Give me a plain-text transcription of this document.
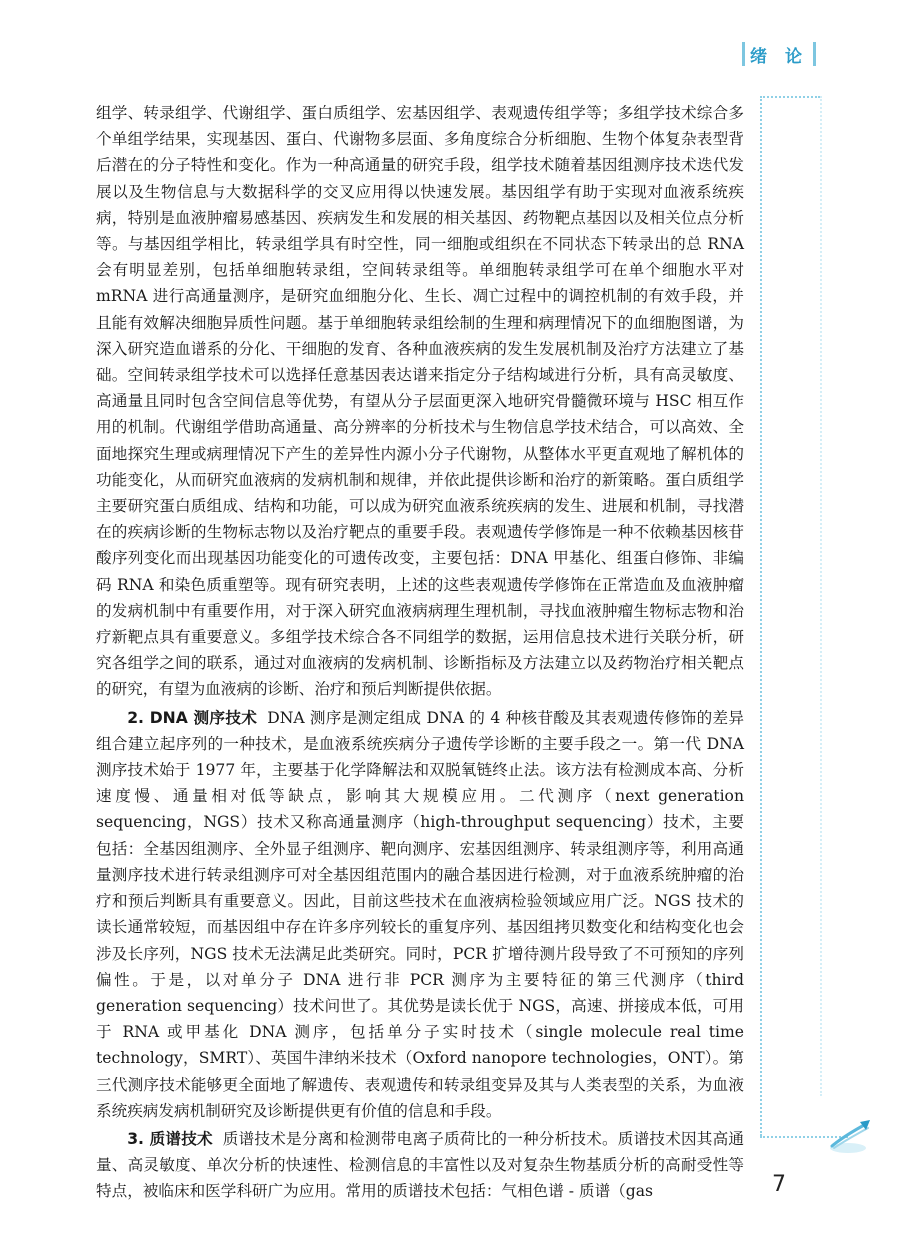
绪 论

组学、转录组学、代谢组学、蛋白质组学、宏基因组学、表观遗传组学等；多组学技术综合多个单组学结果，实现基因、蛋白、代谢物多层面、多角度综合分析细胞、生物个体复杂表型背后潜在的分子特性和变化。作为一种高通量的研究手段，组学技术随着基因组测序技术迭代发展以及生物信息与大数据科学的交叉应用得以快速发展。基因组学有助于实现对血液系统疾病，特别是血液肿瘤易感基因、疾病发生和发展的相关基因、药物靶点基因以及相关位点分析等。与基因组学相比，转录组学具有时空性，同一细胞或组织在不同状态下转录出的总 RNA 会有明显差别，包括单细胞转录组，空间转录组等。单细胞转录组学可在单个细胞水平对 mRNA 进行高通量测序，是研究血细胞分化、生长、凋亡过程中的调控机制的有效手段，并且能有效解决细胞异质性问题。基于单细胞转录组绘制的生理和病理情况下的血细胞图谱，为深入研究造血谱系的分化、干细胞的发育、各种血液疾病的发生发展机制及治疗方法建立了基础。空间转录组学技术可以选择任意基因表达谱来指定分子结构域进行分析，具有高灵敏度、高通量且同时包含空间信息等优势，有望从分子层面更深入地研究骨髓微环境与 HSC 相互作用的机制。代谢组学借助高通量、高分辨率的分析技术与生物信息学技术结合，可以高效、全面地探究生理或病理情况下产生的差异性内源小分子代谢物，从整体水平更直观地了解机体的功能变化，从而研究血液病的发病机制和规律，并依此提供诊断和治疗的新策略。蛋白质组学主要研究蛋白质组成、结构和功能，可以成为研究血液系统疾病的发生、进展和机制，寻找潜在的疾病诊断的生物标志物以及治疗靶点的重要手段。表观遗传学修饰是一种不依赖基因核苷酸序列变化而出现基因功能变化的可遗传改变，主要包括：DNA 甲基化、组蛋白修饰、非编码 RNA 和染色质重塑等。现有研究表明，上述的这些表观遗传学修饰在正常造血及血液肿瘤的发病机制中有重要作用，对于深入研究血液病病理生理机制，寻找血液肿瘤生物标志物和治疗新靶点具有重要意义。多组学技术综合各不同组学的数据，运用信息技术进行关联分析，研究各组学之间的联系，通过对血液病的发病机制、诊断指标及方法建立以及药物治疗相关靶点的研究，有望为血液病的诊断、治疗和预后判断提供依据。

2. DNA 测序技术 DNA 测序是测定组成 DNA 的 4 种核苷酸及其表观遗传修饰的差异组合建立起序列的一种技术，是血液系统疾病分子遗传学诊断的主要手段之一。第一代 DNA 测序技术始于 1977 年，主要基于化学降解法和双脱氧链终止法。该方法有检测成本高、分析速度慢、通量相对低等缺点，影响其大规模应用。二代测序（next generation sequencing，NGS）技术又称高通量测序（high-throughput sequencing）技术，主要包括：全基因组测序、全外显子组测序、靶向测序、宏基因组测序、转录组测序等，利用高通量测序技术进行转录组测序可对全基因组范围内的融合基因进行检测，对于血液系统肿瘤的治疗和预后判断具有重要意义。因此，目前这些技术在血液病检验领域应用广泛。NGS 技术的读长通常较短，而基因组中存在许多序列较长的重复序列、基因组拷贝数变化和结构变化也会涉及长序列，NGS 技术无法满足此类研究。同时，PCR 扩增待测片段导致了不可预知的序列偏性。于是，以对单分子 DNA 进行非 PCR 测序为主要特征的第三代测序（third generation sequencing）技术问世了。其优势是读长优于 NGS，高速、拼接成本低，可用于 RNA 或甲基化 DNA 测序，包括单分子实时技术（single molecule real time technology，SMRT）、英国牛津纳米技术（Oxford nanopore technologies，ONT）。第三代测序技术能够更全面地了解遗传、表观遗传和转录组变异及其与人类表型的关系，为血液系统疾病发病机制研究及诊断提供更有价值的信息和手段。

3. 质谱技术 质谱技术是分离和检测带电离子质荷比的一种分析技术。质谱技术因其高通量、高灵敏度、单次分析的快速性、检测信息的丰富性以及对复杂生物基质分析的高耐受性等特点，被临床和医学科研广为应用。常用的质谱技术包括：气相色谱 - 质谱（gas	7
